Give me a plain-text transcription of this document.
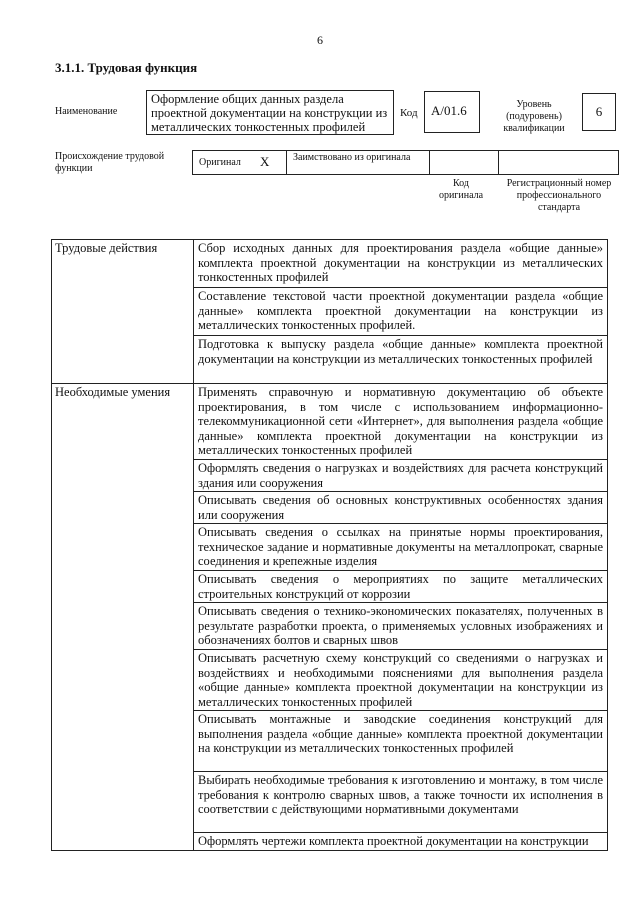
6
3.1.1. Трудовая функция
Наименование
Оформление общих данных раздела проектной документации на конструкции из металлических тонкостенных профилей
Код	А/01.6	Уровень (подуровень) квалификации
6
Происхождение трудовой функции
Оригинал Х Заимствовано из оригинала
Код оригинала
Регистрационный номер профессионального стандарта
Трудовые действия	Сбор исходных данных для проектирования раздела «общие данные» комплекта проектной документации на конструкции из металлических тонкостенных профилей
	Составление текстовой части проектной документации раздела «общие данные» комплекта проектной документации на конструкции из металлических тонкостенных профилей.
	Подготовка к выпуску раздела «общие данные» комплекта проектной документации на конструкции из металлических тонкостенных профилей
Необходимые умения	Применять справочную и нормативную документацию об объекте проектирования, в том числе с использованием информационно-телекоммуникационной сети «Интернет», для выполнения раздела «общие данные» комплекта проектной документации на конструкции из металлических тонкостенных профилей
	Оформлять сведения о нагрузках и воздействиях для расчета конструкций здания или сооружения
	Описывать сведения об основных конструктивных особенностях здания или сооружения
	Описывать сведения о ссылках на принятые нормы проектирования, техническое задание и нормативные документы на металлопрокат, сварные соединения и крепежные изделия
	Описывать сведения о мероприятиях по защите металлических строительных конструкций от коррозии
	Описывать сведения о технико-экономических показателях, полученных в результате разработки проекта, о применяемых условных изображениях и обозначениях болтов и сварных швов
	Описывать расчетную схему конструкций со сведениями о нагрузках и воздействиях и необходимыми пояснениями для выполнения раздела «общие данные» комплекта проектной документации на конструкции из металлических тонкостенных профилей
	Описывать монтажные и заводские соединения конструкций для выполнения раздела «общие данные» комплекта проектной документации на конструкции из металлических тонкостенных профилей
	Выбирать необходимые требования к изготовлению и монтажу, в том числе требования к контролю сварных швов, а также точности их исполнения в соответствии с действующими нормативными документами
	Оформлять чертежи комплекта проектной документации на конструкции
